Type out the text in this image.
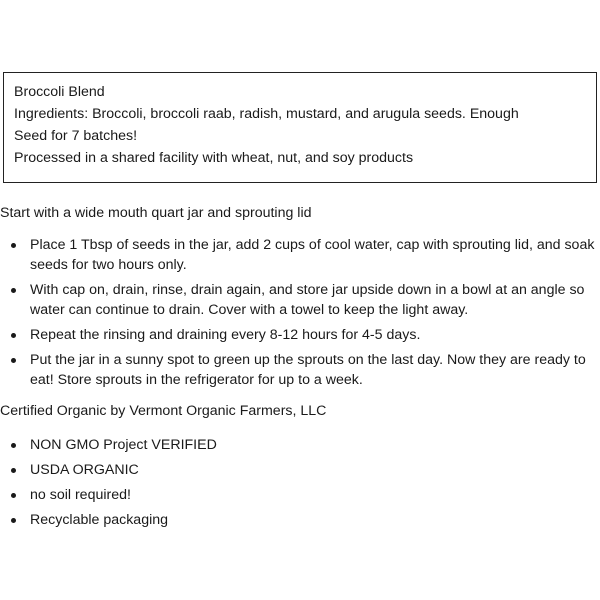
Broccoli Blend

Ingredients: Broccoli, broccoli raab, radish, mustard, and arugula seeds. Enough

Seed for 7 batches!

Processed in a shared facility with wheat, nut, and soy products

Start with a wide mouth quart jar and sprouting lid

Place 1 Tbsp of seeds in the jar, add 2 cups of cool water, cap with sprouting lid, and soak seeds for two hours only.
With cap on, drain, rinse, drain again, and store jar upside down in a bowl at an angle so water can continue to drain. Cover with a towel to keep the light away.
Repeat the rinsing and draining every 8-12 hours for 4-5 days.
Put the jar in a sunny spot to green up the sprouts on the last day. Now they are ready to eat! Store sprouts in the refrigerator for up to a week.

Certified Organic by Vermont Organic Farmers, LLC

NON GMO Project VERIFIED
USDA ORGANIC
no soil required!
Recyclable packaging
